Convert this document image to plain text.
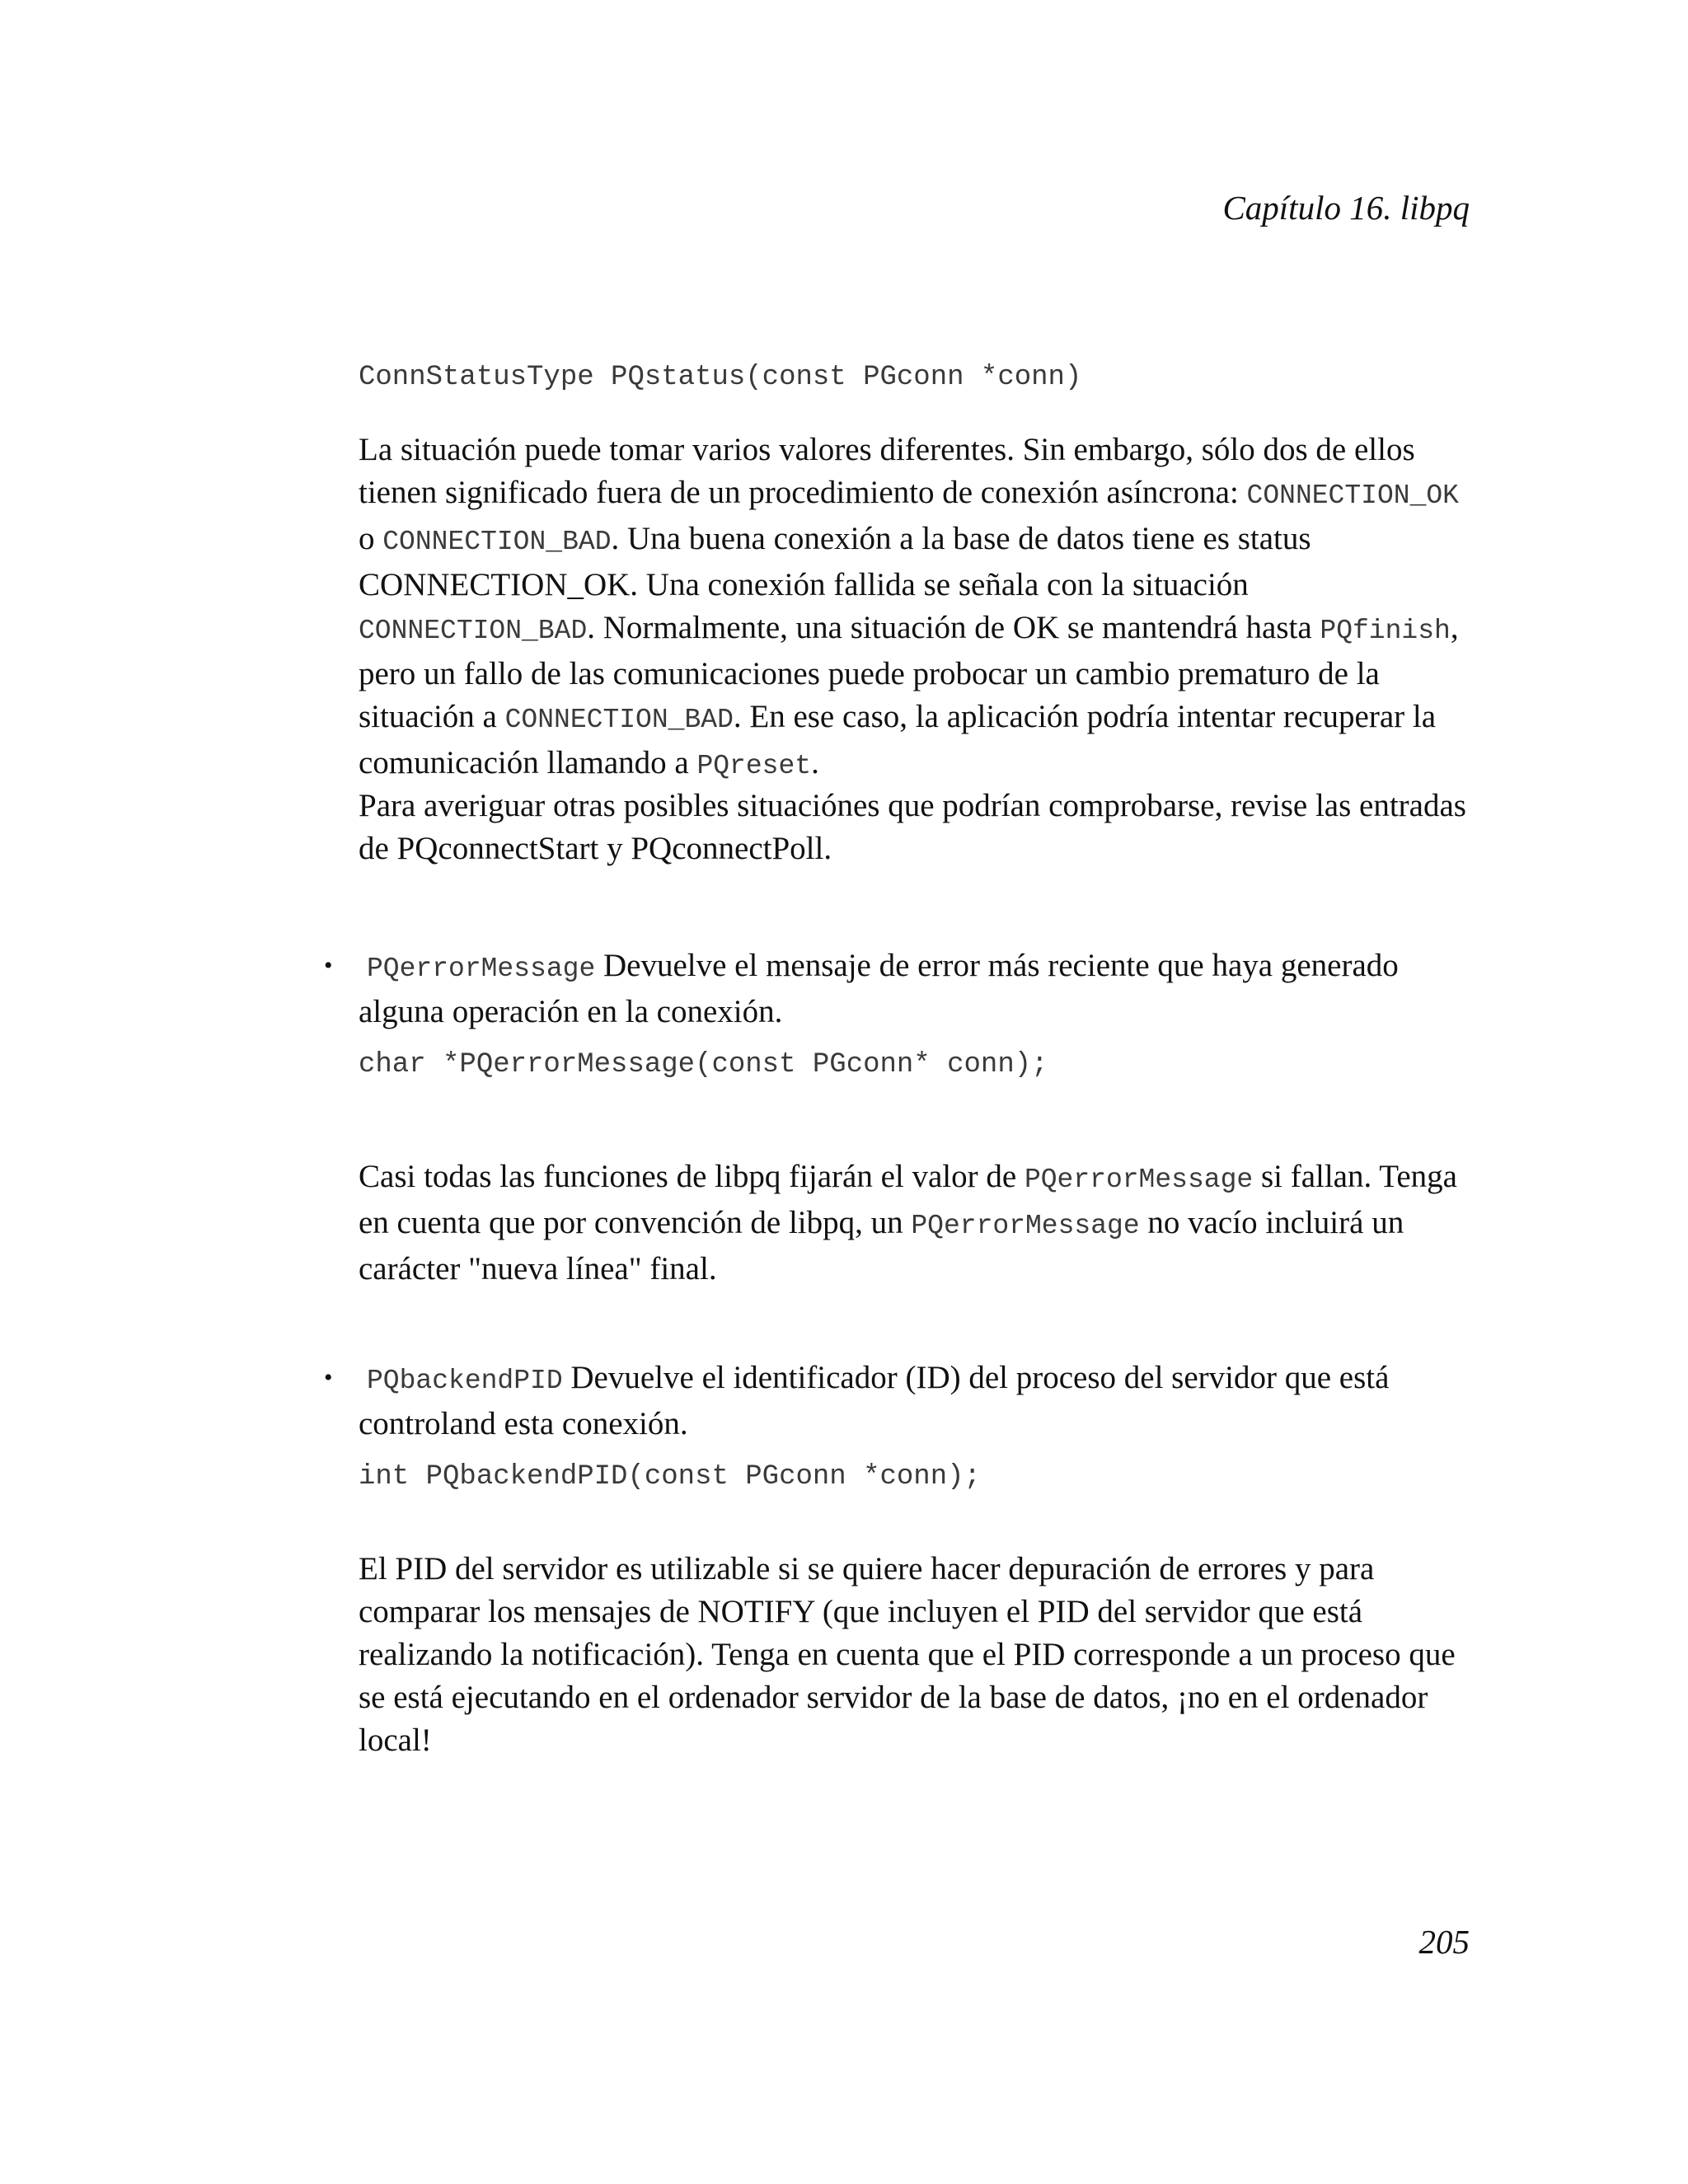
Capítulo 16. libpq
ConnStatusType PQstatus(const PGconn *conn)
La situación puede tomar varios valores diferentes. Sin embargo, sólo dos de ellos tienen significado fuera de un procedimiento de conexión asíncrona: CONNECTION_OK o CONNECTION_BAD. Una buena conexión a la base de datos tiene es status CONNECTION_OK. Una conexión fallida se señala con la situación CONNECTION_BAD. Normalmente, una situación de OK se mantendrá hasta PQfinish, pero un fallo de las comunicaciones puede probocar un cambio prematuro de la situación a CONNECTION_BAD. En ese caso, la aplicación podría intentar recuperar la comunicación llamando a PQreset.
Para averiguar otras posibles situaciónes que podrían comprobarse, revise las entradas de PQconnectStart y PQconnectPoll.
•	PQerrorMessage Devuelve el mensaje de error más reciente que haya generado alguna operación en la conexión.
char *PQerrorMessage(const PGconn* conn);
Casi todas las funciones de libpq fijarán el valor de PQerrorMessage si fallan. Tenga en cuenta que por convención de libpq, un PQerrorMessage no vacío incluirá un carácter "nueva línea" final.
•	PQbackendPID Devuelve el identificador (ID) del proceso del servidor que está controland esta conexión.
int PQbackendPID(const PGconn *conn);
El PID del servidor es utilizable si se quiere hacer depuración de errores y para comparar los mensajes de NOTIFY (que incluyen el PID del servidor que está realizando la notificación). Tenga en cuenta que el PID corresponde a un proceso que se está ejecutando en el ordenador servidor de la base de datos, ¡no en el ordenador local!
205
